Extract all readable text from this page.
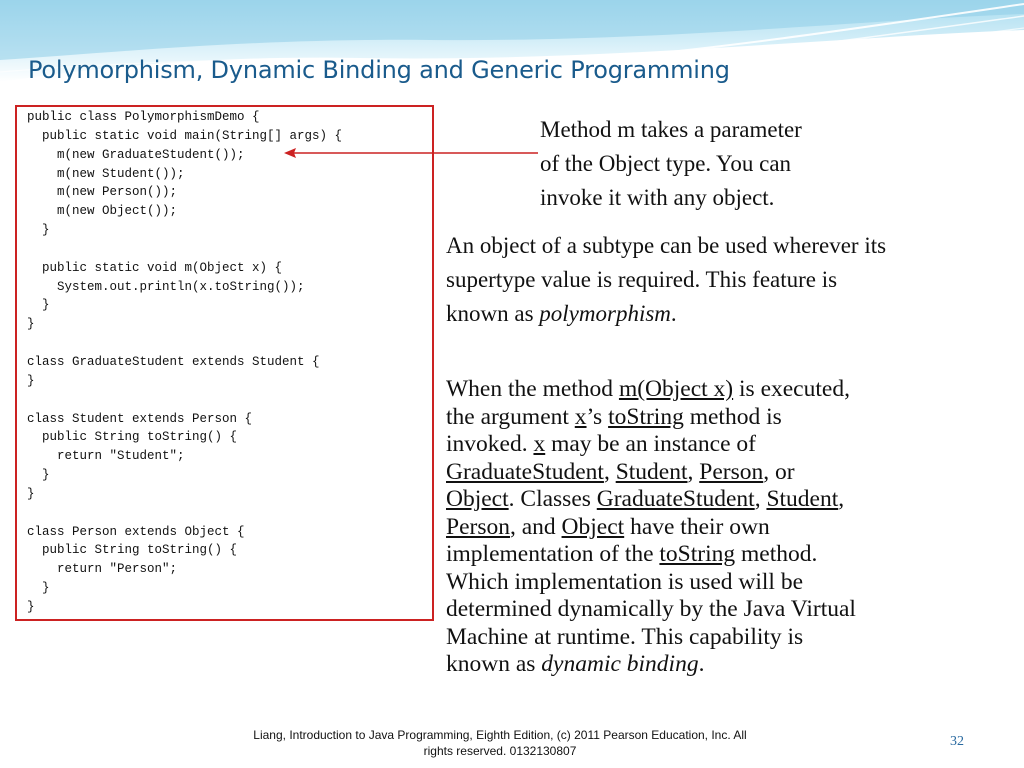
Polymorphism, Dynamic Binding and Generic Programming
public class PolymorphismDemo {
public static void main(String[] args) {
m(new GraduateStudent());
m(new Student());
m(new Person());
m(new Object());
}
public static void m(Object x) {
System.out.println(x.toString());
}
}
class GraduateStudent extends Student {
}
class Student extends Person {
public String toString() {
return "Student";
}
}
class Person extends Object {
public String toString() {
return "Person";
}
}
Method m takes a parameter
of the Object type. You can
invoke it with any object.
An object of a subtype can be used wherever its
supertype value is required. This feature is
known as polymorphism.
When the method m(Object x) is executed,
the argument x’s toString method is
invoked. x may be an instance of
GraduateStudent, Student, Person, or
Object. Classes GraduateStudent, Student,
Person, and Object have their own
implementation of the toString method.
Which implementation is used will be
determined dynamically by the Java Virtual
Machine at runtime. This capability is
known as dynamic binding.
Liang, Introduction to Java Programming, Eighth Edition, (c) 2011 Pearson Education, Inc. All
rights reserved. 0132130807
32
